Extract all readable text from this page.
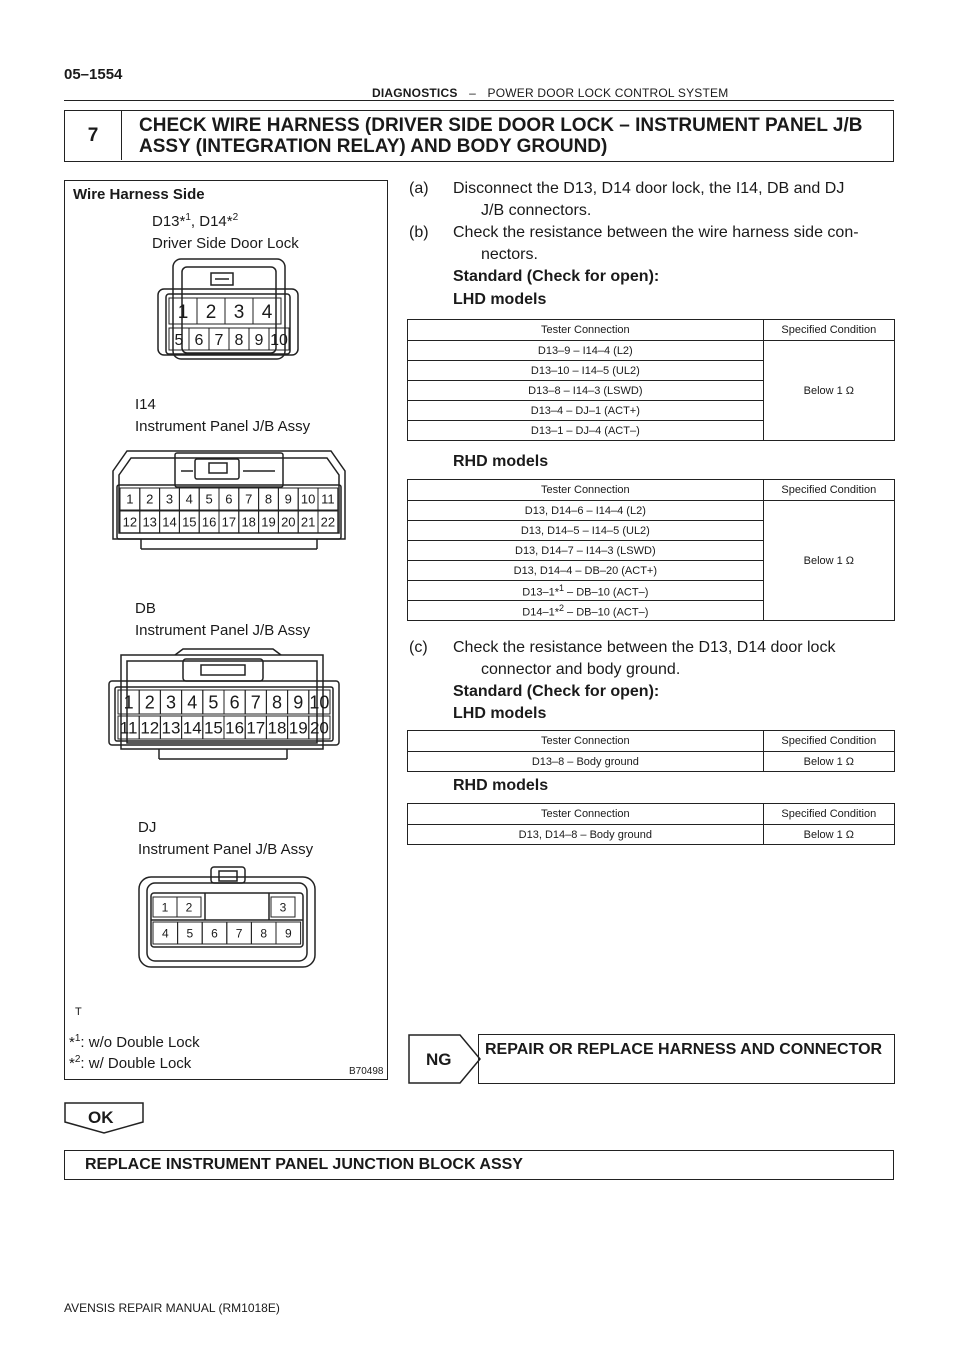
05–1554
DIAGNOSTICS – POWER DOOR LOCK CONTROL SYSTEM
7	CHECK WIRE HARNESS (DRIVER SIDE DOOR LOCK – INSTRUMENT PANEL J/B ASSY (INTEGRATION RELAY) AND BODY GROUND)
Wire Harness Side
D13*$^1$, D14*$^2$
Driver Side Door Lock
1 2 3 4
5 6 7 8 9 10
I14
Instrument Panel J/B Assy
1 2 3 4 5 6 7 8 9 10 11
12 13 14 15 16 17 18 19 20 21 22
DB
Instrument Panel J/B Assy
1 2 3 4 5 6 7 8 9 10
11 12 13 14 15 16 17 18 19 20
DJ
Instrument Panel J/B Assy
1 2	3
4 5 6 7 8 9
T
*$^1$: w/o Double Lock
*$^2$: w/ Double Lock	B70498
(a) Disconnect the D13, D14 door lock, the I14, DB and DJ
J/B connectors.
(b) Check the resistance between the wire harness side con-
nectors.
Standard (Check for open):
LHD models
Tester Connection	Specified Condition
D13–9 – I14–4 (L2)	Below 1 Ω
D13–10 – I14–5 (UL2)	
D13–8 – I14–3 (LSWD)	
D13–4 – DJ–1 (ACT+)	
D13–1 – DJ–4 (ACT–)	
RHD models
Tester Connection	Specified Condition
D13, D14–6 – I14–4 (L2)	Below 1 Ω
D13, D14–5 – I14–5 (UL2)	
D13, D14–7 – I14–3 (LSWD)	
D13, D14–4 – DB–20 (ACT+)	
D13–1*$^1$ – DB–10 (ACT–)	
D14–1*$^2$ – DB–10 (ACT–)	
(c) Check the resistance between the D13, D14 door lock
connector and body ground.
Standard (Check for open):
LHD models
Tester Connection	Specified Condition
D13–8 – Body ground	Below 1 Ω
RHD models
Tester Connection	Specified Condition
D13, D14–8 – Body ground	Below 1 Ω
NG
REPAIR OR REPLACE HARNESS AND CONNECTOR
OK
REPLACE INSTRUMENT PANEL JUNCTION BLOCK ASSY
AVENSIS REPAIR MANUAL (RM1018E)
